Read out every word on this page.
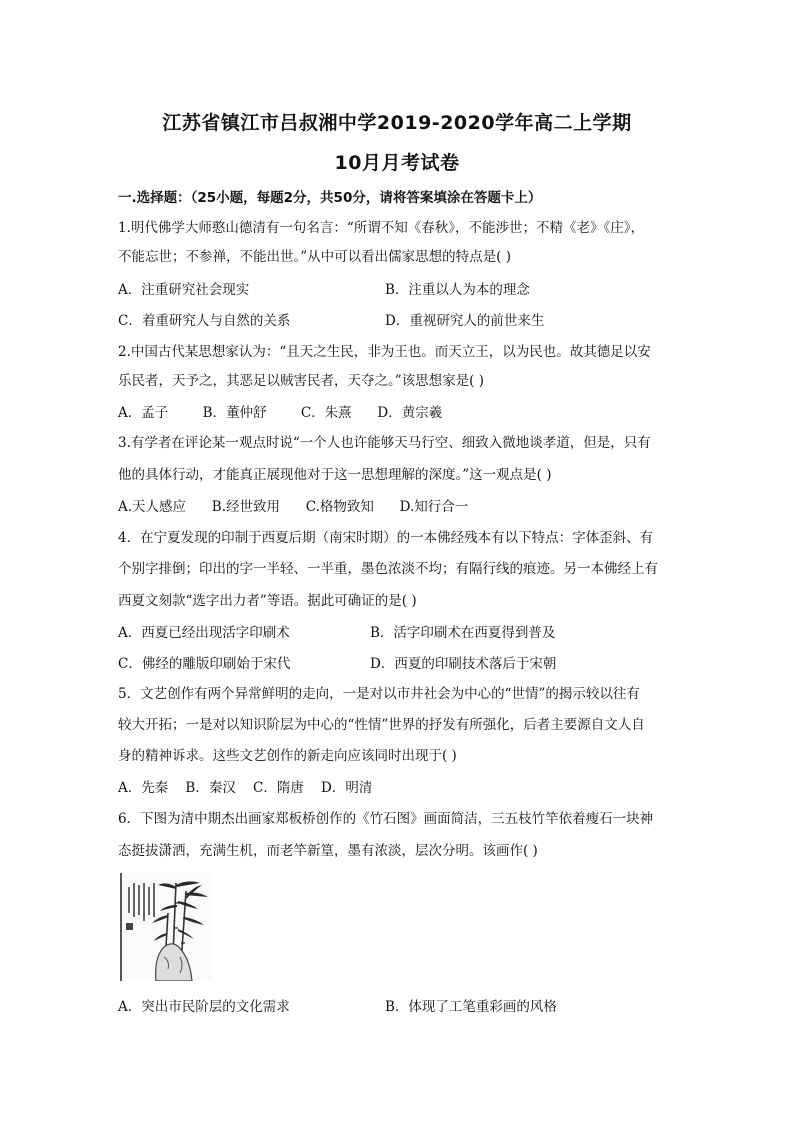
江苏省镇江市吕叔湘中学2019-2020学年高二上学期
10月月考试卷
一.选择题：（25小题，每题2分，共50分，请将答案填涂在答题卡上）
1.明代佛学大师憨山德清有一句名言：“所谓不知《春秋》，不能涉世；不精《老》《庄》，
不能忘世；不参禅，不能出世。”从中可以看出儒家思想的特点是( )
A．注重研究社会现实	B．注重以人为本的理念
C．着重研究人与自然的关系	D．重视研究人的前世来生
2.中国古代某思想家认为：“且天之生民，非为王也。而天立王，以为民也。故其德足以安
乐民者，天予之，其恶足以贼害民者，天夺之。”该思想家是( )
A．孟子        B．董仲舒        C．朱熹      D．黄宗羲
3.有学者在评论某一观点时说“一个人也许能够天马行空、细致入微地谈孝道，但是，只有
他的具体行动，才能真正展现他对于这一思想理解的深度。”这一观点是( )
A.天人感应      B.经世致用      C.格物致知      D.知行合一
4．在宁夏发现的印制于西夏后期（南宋时期）的一本佛经残本有以下特点：字体歪斜、有
个别字排倒；印出的字一半轻、一半重，墨色浓淡不均；有隔行线的痕迹。另一本佛经上有
西夏文刻款“选字出力者”等语。据此可确证的是( )
A．西夏已经出现活字印刷术	B．活字印刷术在西夏得到普及
C．佛经的雕版印刷始于宋代	D．西夏的印刷技术落后于宋朝
5．文艺创作有两个异常鲜明的走向，一是对以市井社会为中心的“世情”的揭示较以往有
较大开拓；一是对以知识阶层为中心的“性情”世界的抒发有所强化，后者主要源自文人自
身的精神诉求。这些文艺创作的新走向应该同时出现于( )
A．先秦    B．秦汉    C．隋唐    D．明清
6．下图为清中期杰出画家郑板桥创作的《竹石图》画面简洁，三五枝竹竿依着瘦石一块神
态挺拔潇洒，充满生机，而老竿新篁，墨有浓淡，层次分明。该画作( )
A．突出市民阶层的文化需求	B．体现了工笔重彩画的风格
